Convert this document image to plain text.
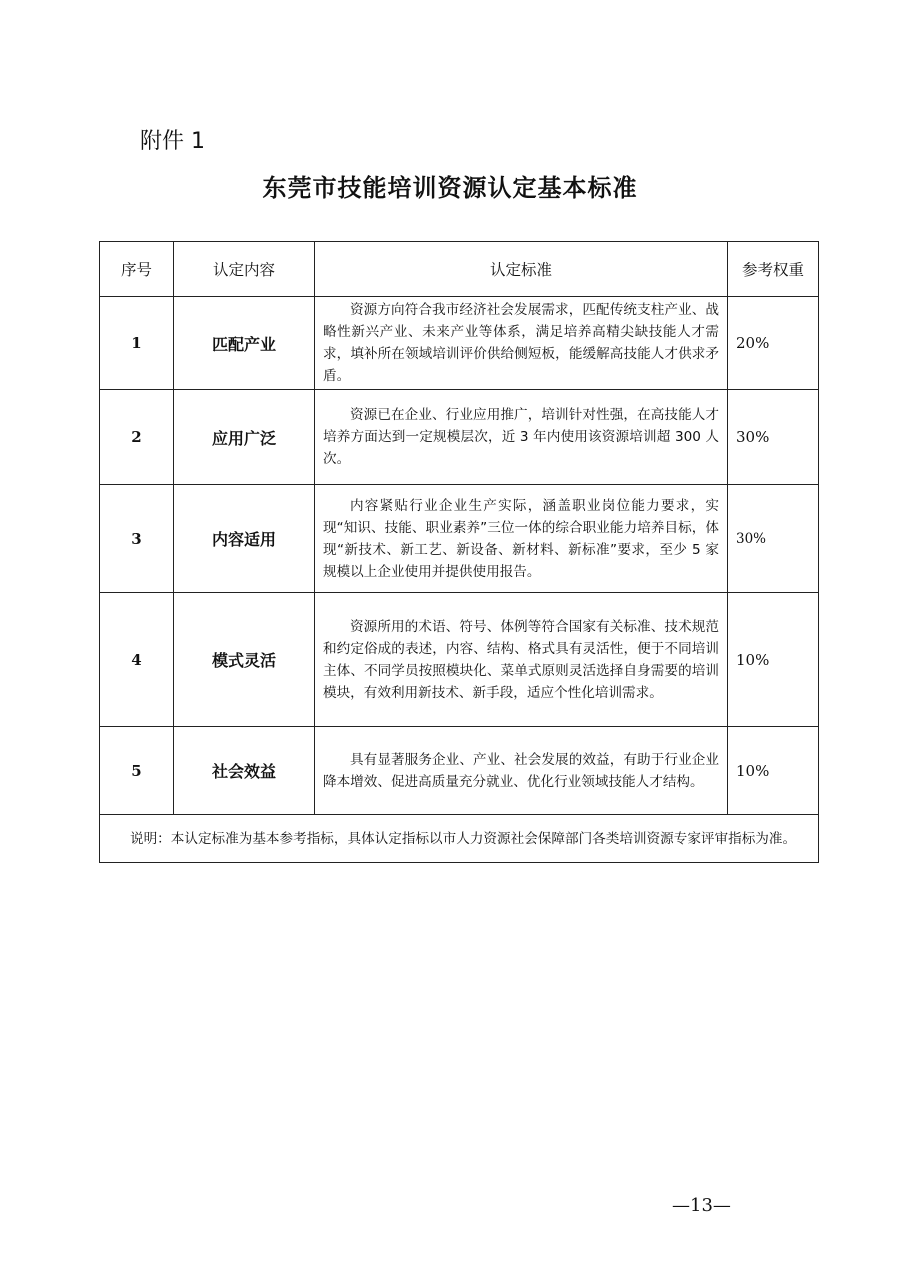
附件 1
东莞市技能培训资源认定基本标准
序号	认定内容	认定标准	参考权重
1	匹配产业	资源方向符合我市经济社会发展需求，匹配传统支柱产业、战略性新兴产业、未来产业等体系，满足培养高精尖缺技能人才需求，填补所在领域培训评价供给侧短板，能缓解高技能人才供求矛盾。	20%
2	应用广泛	资源已在企业、行业应用推广，培训针对性强，在高技能人才培养方面达到一定规模层次，近 3 年内使用该资源培训超 300 人次。	30%
3	内容适用	内容紧贴行业企业生产实际，涵盖职业岗位能力要求，实现“知识、技能、职业素养”三位一体的综合职业能力培养目标，体现“新技术、新工艺、新设备、新材料、新标准”要求，至少 5 家规模以上企业使用并提供使用报告。	30%
4	模式灵活	资源所用的术语、符号、体例等符合国家有关标准、技术规范和约定俗成的表述，内容、结构、格式具有灵活性，便于不同培训主体、不同学员按照模块化、菜单式原则灵活选择自身需要的培训模块，有效利用新技术、新手段，适应个性化培训需求。	10%
5	社会效益	具有显著服务企业、产业、社会发展的效益，有助于行业企业降本增效、促进高质量充分就业、优化行业领域技能人才结构。	10%
说明：本认定标准为基本参考指标，具体认定指标以市人力资源社会保障部门各类培训资源专家评审指标为准。			
—13—
